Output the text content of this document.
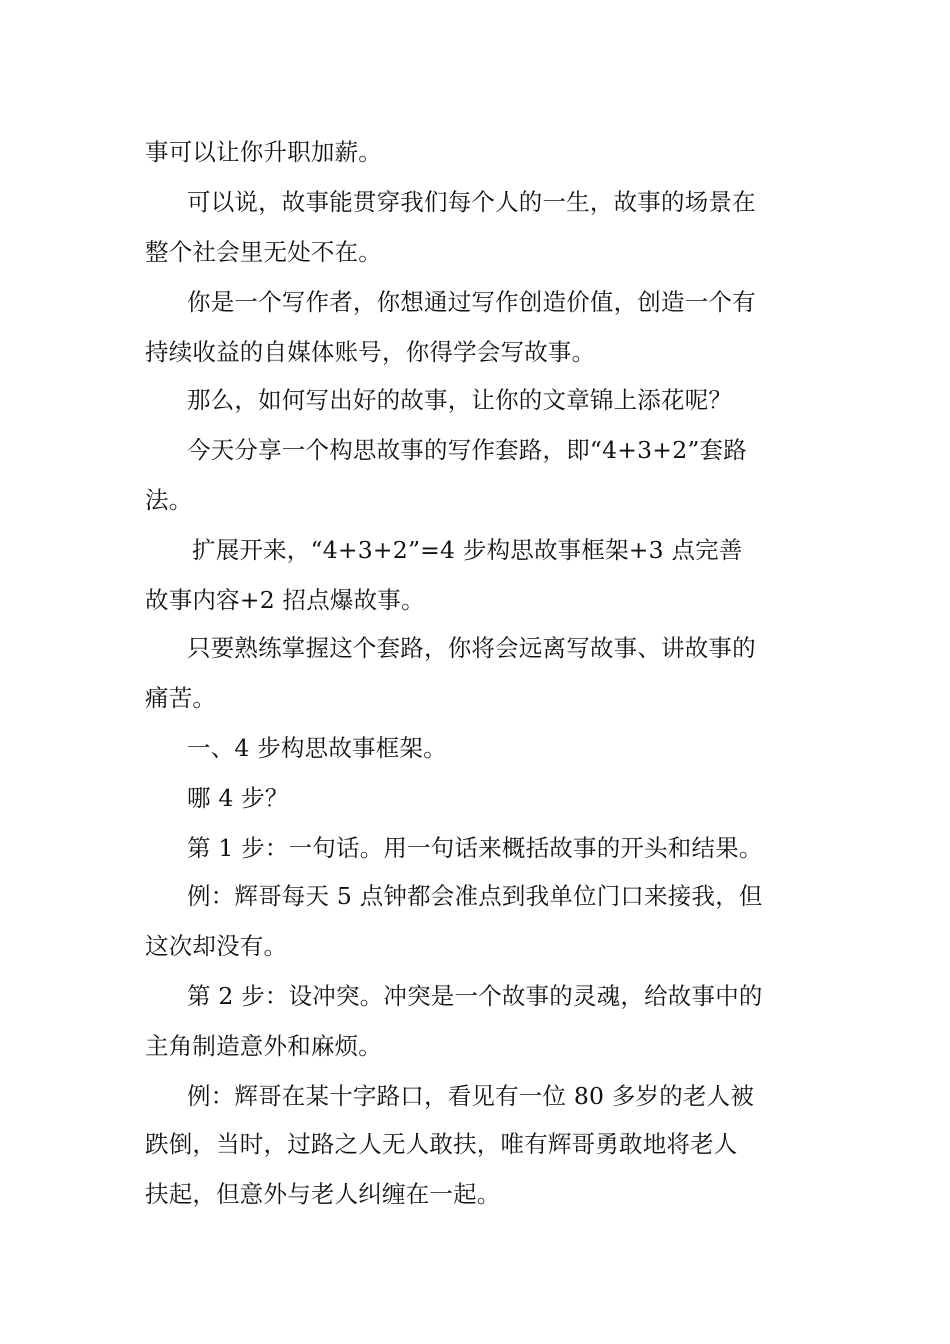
事可以让你升职加薪。
可以说，故事能贯穿我们每个人的一生，故事的场景在
整个社会里无处不在。
你是一个写作者，你想通过写作创造价值，创造一个有
持续收益的自媒体账号，你得学会写故事。
那么，如何写出好的故事，让你的文章锦上添花呢？
今天分享一个构思故事的写作套路，即“4+3+2”套路
法。
扩展开来，“4+3+2”=4 步构思故事框架+3 点完善
故事内容+2 招点爆故事。
只要熟练掌握这个套路，你将会远离写故事、讲故事的
痛苦。
一、4 步构思故事框架。
哪 4 步？
第 1 步：一句话。用一句话来概括故事的开头和结果。
例：辉哥每天 5 点钟都会准点到我单位门口来接我，但
这次却没有。
第 2 步：设冲突。冲突是一个故事的灵魂，给故事中的
主角制造意外和麻烦。
例：辉哥在某十字路口，看见有一位 80 多岁的老人被
跌倒，当时，过路之人无人敢扶，唯有辉哥勇敢地将老人
扶起，但意外与老人纠缠在一起。
